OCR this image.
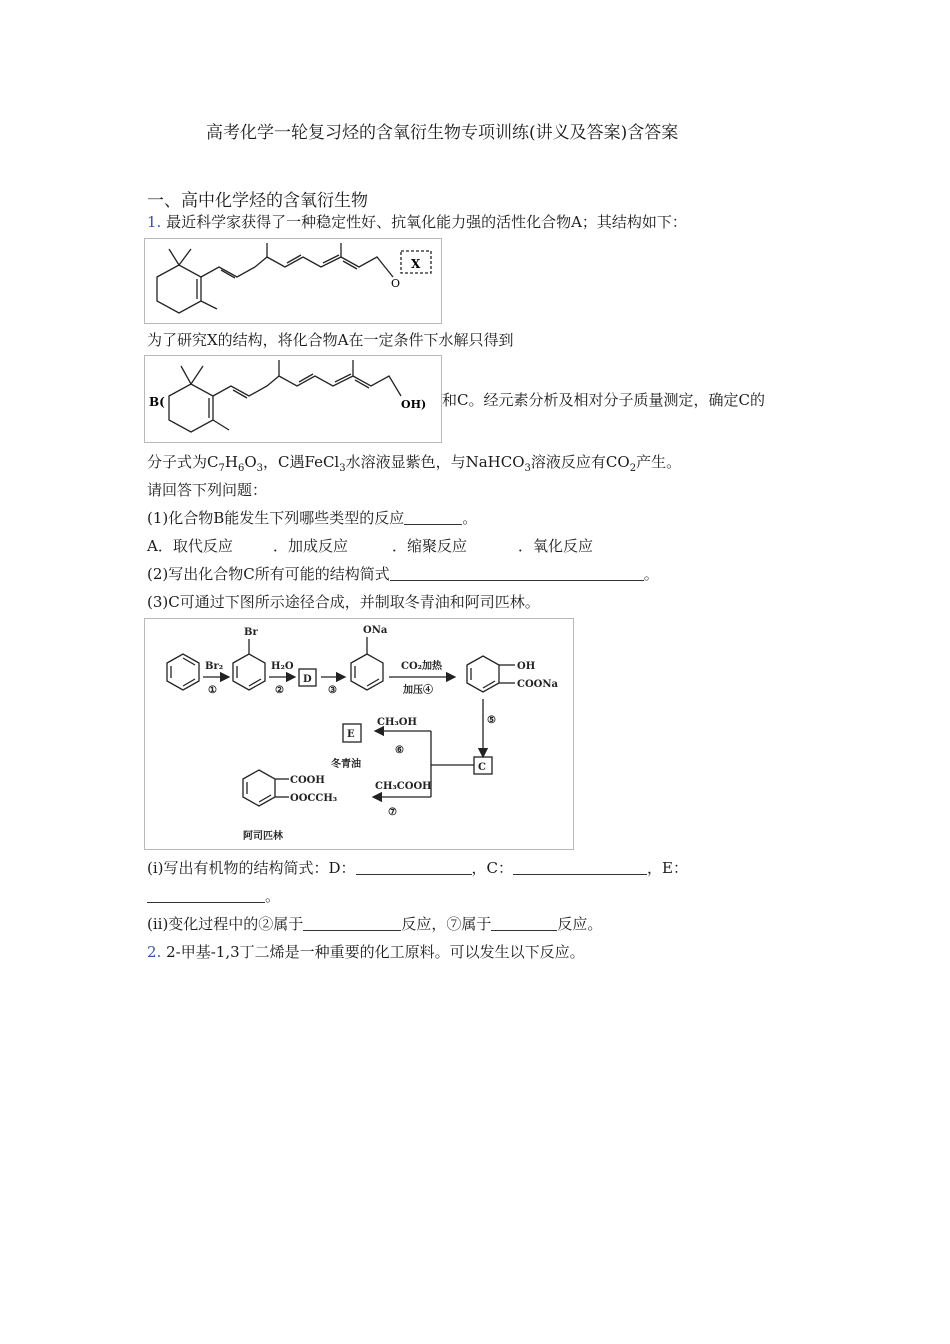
高考化学一轮复习烃的含氧衍生物专项训练(讲义及答案)含答案
一、高中化学烃的含氧衍生物
1. 最近科学家获得了一种稳定性好、抗氧化能力强的活性化合物A；其结构如下：
X
O
为了研究X的结构，将化合物A在一定条件下水解只得到
B(	OH) 和C。经元素分析及相对分子质量测定，确定C的
分子式为$C_7H_6O_3$，C遇FeCl$_3$水溶液显紫色，与NaHCO$_3$溶液反应有$CO_2$产生。
请回答下列问题：
(1)化合物B能发生下列哪些类型的反应	。
A．取代反应	．加成反应	．缩聚反应	．氧化反应
(2)写出化合物C所有可能的结构简式	。
(3)C可通过下图所示途径合成，并制取冬青油和阿司匹林。
Br₂
①
Br
H₂O
②
D
③
ONa
CO₂加热
加压④
OH
COONa
⑤
CH₃OH
⑥
E
冬青油	C
CH₃COOH
⑦
COOH
OOCCH₃
阿司匹林
(ⅰ)写出有机物的结构简式：D：	，C：	，E：
。
(ⅱ)变化过程中的②属于	反应，⑦属于	反应。
2. 2-甲基-1,3丁二烯是一种重要的化工原料。可以发生以下反应。
